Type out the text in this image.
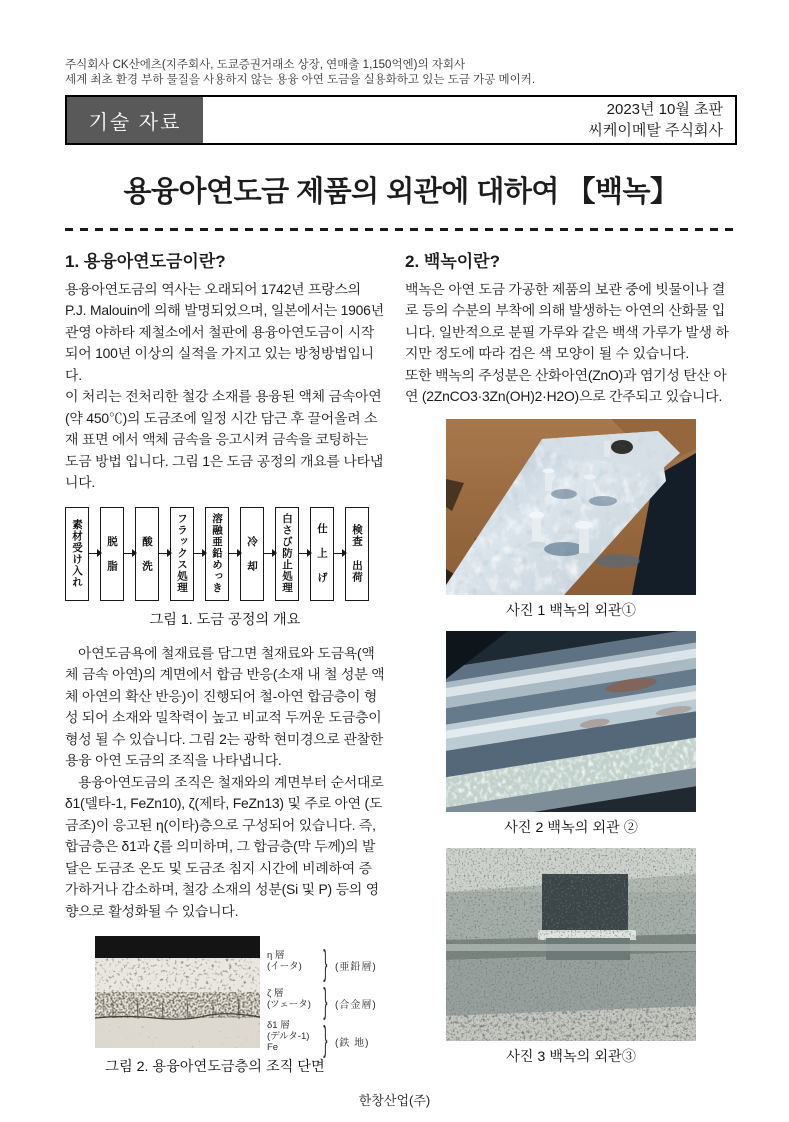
주식회사 CK산에츠(지주회사, 도쿄증권거래소 상장, 연매출 1,150억엔)의 자회사

세계 최초 환경 부하 물질을 사용하지 않는 용융 아연 도금을 실용화하고 있는 도금 가공 메이커.

기술 자료
2023년 10월 초판
씨케이메탈 주식회사
용융아연도금 제품의 외관에 대하여 【백녹】
1. 용융아연도금이란?

용융아연도금의 역사는 오래되어 1742년 프랑스의 P.J. Malouin에 의해 발명되었으며, 일본에서는 1906년 관영 야하타 제철소에서 철판에 용융아연도금이 시작되어 100년 이상의 실적을 가지고 있는 방청방법입니다.

이 처리는 전처리한 철강 소재를 용융된 액체 금속아연 (약 450℃)의 도금조에 일정 시간 담근 후 끌어올려 소재 표면 에서 액체 금속을 응고시켜 금속을 코팅하는 도금 방법 입니다. 그림 1은 도금 공정의 개요를 나타냅니다.

素材受け入れ	脱 脂	酸 洗	フラックス処理	溶融亜鉛めっき	冷 却	白さび防止処理	仕 上 げ	検査 出荷
그림 1. 도금 공정의 개요

아연도금욕에 철재료를 담그면 철재료와 도금욕(액체 금속 아연)의 계면에서 합금 반응(소재 내 철 성분 액체 아연의 확산 반응)이 진행되어 철-아연 합금층이 형성 되어 소재와 밀착력이 높고 비교적 두꺼운 도금층이 형성 될 수 있습니다. 그림 2는 광학 현미경으로 관찰한 용융 아연 도금의 조직을 나타냅니다.

용융아연도금의 조직은 철재와의 계면부터 순서대로 δ1(델타-1, FeZn10), ζ(제타, FeZn13) 및 주로 아연 (도금조)이 응고된 η(이타)층으로 구성되어 있습니다. 즉, 합금층은 δ1과 ζ를 의미하며, 그 합금층(막 두께)의 발달은 도금조 온도 및 도금조 침지 시간에 비례하여 증가하거나 감소하며, 철강 소재의 성분(Si 및 P) 등의 영향으로 활성화될 수 있습니다.

η 層
(イータ) } (亜鉛層)
ζ 層
(ツェータ) } (合金層)
δ1 層
(デルタ-1)
Fe	} (鉄 地)
그림 2. 용융아연도금층의 조직 단면
2. 백녹이란?

백녹은 아연 도금 가공한 제품의 보관 중에 빗물이나 결로 등의 수분의 부착에 의해 발생하는 아연의 산화물 입니다. 일반적으로 분필 가루와 같은 백색 가루가 발생 하지만 정도에 따라 검은 색 모양이 될 수 있습니다.

또한 백녹의 주성분은 산화아연(ZnO)과 염기성 탄산 아연 (2ZnCO3·3Zn(OH)2·H2O)으로 간주되고 있습니다.

사진 1 백녹의 외관①
사진 2 백녹의 외관 ②
사진 3 백녹의 외관③
한창산업(주)
